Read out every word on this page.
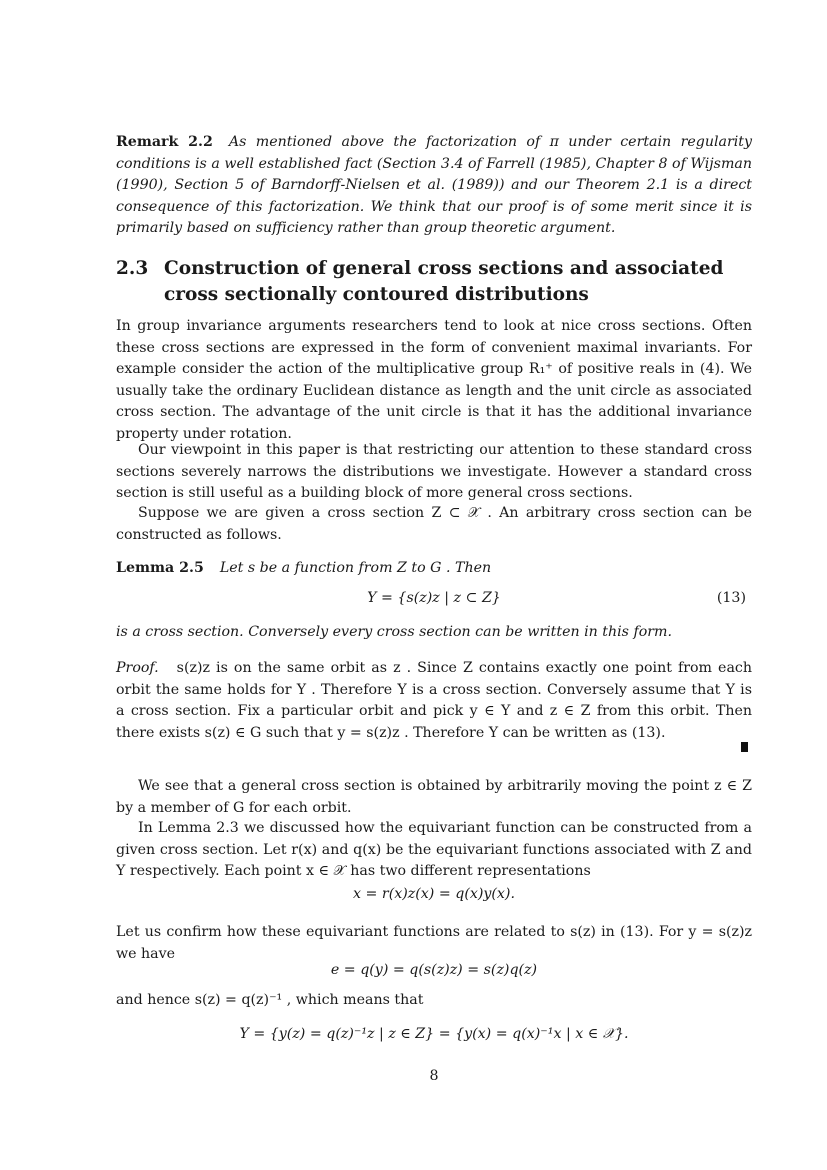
Remark 2.2 As mentioned above the factorization of π under certain regularity conditions is a well established fact (Section 3.4 of Farrell (1985), Chapter 8 of Wijsman (1990), Section 5 of Barndorff-Nielsen et al. (1989)) and our Theorem 2.1 is a direct consequence of this factorization. We think that our proof is of some merit since it is primarily based on sufficiency rather than group theoretic argument.

2.3 Construction of general cross sections and associated cross sectionally contoured distributions

In group invariance arguments researchers tend to look at nice cross sections. Often these cross sections are expressed in the form of convenient maximal invariants. For example consider the action of the multiplicative group R₁⁺ of positive reals in (4). We usually take the ordinary Euclidean distance as length and the unit circle as associated cross section. The advantage of the unit circle is that it has the additional invariance property under rotation.

Our viewpoint in this paper is that restricting our attention to these standard cross sections severely narrows the distributions we investigate. However a standard cross section is still useful as a building block of more general cross sections.

Suppose we are given a cross section Z ⊂ 𝒳 . An arbitrary cross section can be constructed as follows.

Lemma 2.5 Let s be a function from Z to G . Then

Y = {s(z)z | z ⊂ Z}	(13)

is a cross section. Conversely every cross section can be written in this form.

Proof. s(z)z is on the same orbit as z . Since Z contains exactly one point from each orbit the same holds for Y . Therefore Y is a cross section. Conversely assume that Y is a cross section. Fix a particular orbit and pick y ∈ Y and z ∈ Z from this orbit. Then there exists s(z) ∈ G such that y = s(z)z . Therefore Y can be written as (13).

We see that a general cross section is obtained by arbitrarily moving the point z ∈ Z by a member of G for each orbit.

In Lemma 2.3 we discussed how the equivariant function can be constructed from a given cross section. Let r(x) and q(x) be the equivariant functions associated with Z and Y respectively. Each point x ∈ 𝒳 has two different representations

x = r(x)z(x) = q(x)y(x).

Let us confirm how these equivariant functions are related to s(z) in (13). For y = s(z)z we have

e = q(y) = q(s(z)z) = s(z)q(z)

and hence s(z) = q(z)⁻¹ , which means that

Y = {y(z) = q(z)⁻¹z | z ∈ Z} = {y(x) = q(x)⁻¹x | x ∈ 𝒳}.
8
